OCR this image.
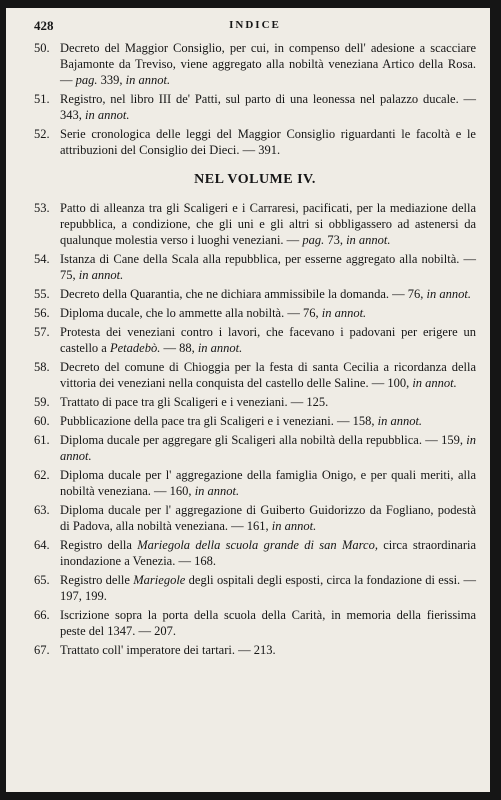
428	INDICE
50. Decreto del Maggior Consiglio, per cui, in compenso dell' adesione a scacciare Bajamonte da Treviso, viene aggregato alla nobiltà veneziana Artico della Rosa. — pag. 339, in annot.
51. Registro, nel libro III de' Patti, sul parto di una leonessa nel palazzo ducale. — 343, in annot.
52. Serie cronologica delle leggi del Maggior Consiglio riguardanti le facoltà e le attribuzioni del Consiglio dei Dieci. — 391.
NEL VOLUME IV.
53. Patto di alleanza tra gli Scaligeri e i Carraresi, pacificati, per la mediazione della repubblica, a condizione, che gli uni e gli altri si obbligassero ad astenersi da qualunque molestia verso i luoghi veneziani. — pag. 73, in annot.
54. Istanza di Cane della Scala alla repubblica, per esserne aggregato alla nobiltà. — 75, in annot.
55. Decreto della Quarantia, che ne dichiara ammissibile la domanda. — 76, in annot.
56. Diploma ducale, che lo ammette alla nobiltà. — 76, in annot.
57. Protesta dei veneziani contro i lavori, che facevano i padovani per erigere un castello a Petadebò. — 88, in annot.
58. Decreto del comune di Chioggia per la festa di santa Cecilia a ricordanza della vittoria dei veneziani nella conquista del castello delle Saline. — 100, in annot.
59. Trattato di pace tra gli Scaligeri e i veneziani. — 125.
60. Pubblicazione della pace tra gli Scaligeri e i veneziani. — 158, in annot.
61. Diploma ducale per aggregare gli Scaligeri alla nobiltà della repubblica. — 159, in annot.
62. Diploma ducale per l' aggregazione della famiglia Onigo, e per quali meriti, alla nobiltà veneziana. — 160, in annot.
63. Diploma ducale per l' aggregazione di Guiberto Guidorizzo da Fogliano, podestà di Padova, alla nobiltà veneziana. — 161, in annot.
64. Registro della Mariegola della scuola grande di san Marco, circa straordinaria inondazione a Venezia. — 168.
65. Registro delle Mariegole degli ospitali degli esposti, circa la fondazione di essi. — 197, 199.
66. Iscrizione sopra la porta della scuola della Carità, in memoria della fierissima peste del 1347. — 207.
67. Trattato coll' imperatore dei tartari. — 213.
